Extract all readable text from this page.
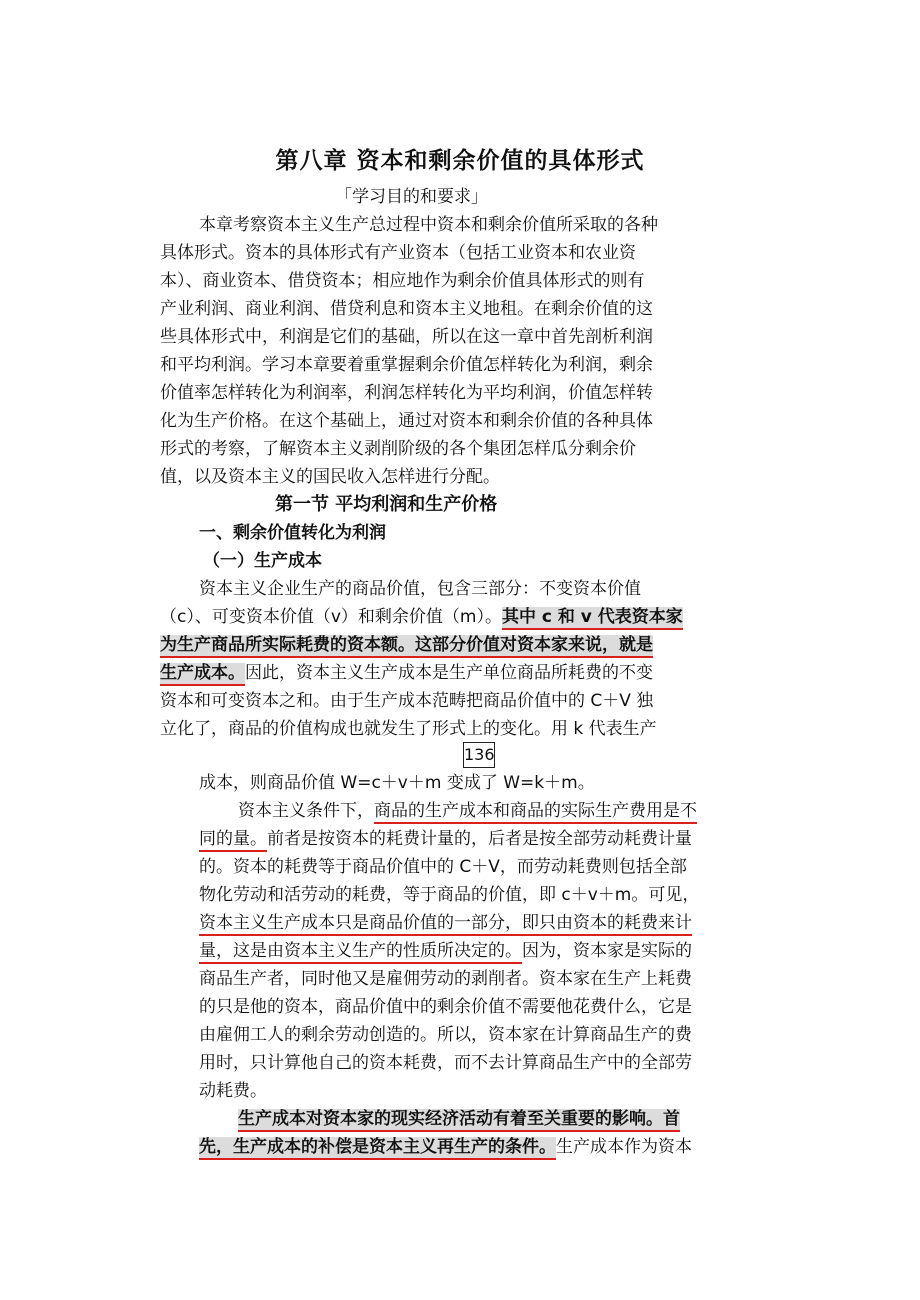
第八章 资本和剩余价值的具体形式
「学习目的和要求」
本章考察资本主义生产总过程中资本和剩余价值所采取的各种
具体形式。资本的具体形式有产业资本（包括工业资本和农业资
本）、商业资本、借贷资本；相应地作为剩余价值具体形式的则有
产业利润、商业利润、借贷利息和资本主义地租。在剩余价值的这
些具体形式中，利润是它们的基础，所以在这一章中首先剖析利润
和平均利润。学习本章要着重掌握剩余价值怎样转化为利润，剩余
价值率怎样转化为利润率，利润怎样转化为平均利润，价值怎样转
化为生产价格。在这个基础上，通过对资本和剩余价值的各种具体
形式的考察，了解资本主义剥削阶级的各个集团怎样瓜分剩余价
值，以及资本主义的国民收入怎样进行分配。
第一节 平均利润和生产价格
一、剩余价值转化为利润
（一）生产成本
资本主义企业生产的商品价值，包含三部分：不变资本价值
（c）、可变资本价值（v）和剩余价值（m）。其中 c 和 v 代表资本家
为生产商品所实际耗费的资本额。这部分价值对资本家来说，就是
生产成本。因此，资本主义生产成本是生产单位商品所耗费的不变
资本和可变资本之和。由于生产成本范畴把商品价值中的 C＋V 独
立化了，商品的价值构成也就发生了形式上的变化。用 k 代表生产
136
成本，则商品价值 W=c＋v＋m 变成了 W=k＋m。
资本主义条件下，商品的生产成本和商品的实际生产费用是不
同的量。前者是按资本的耗费计量的，后者是按全部劳动耗费计量
的。资本的耗费等于商品价值中的 C＋V，而劳动耗费则包括全部
物化劳动和活劳动的耗费，等于商品的价值，即 c＋v＋m。可见，
资本主义生产成本只是商品价值的一部分，即只由资本的耗费来计
量，这是由资本主义生产的性质所决定的。因为，资本家是实际的
商品生产者，同时他又是雇佣劳动的剥削者。资本家在生产上耗费
的只是他的资本，商品价值中的剩余价值不需要他花费什么，它是
由雇佣工人的剩余劳动创造的。所以，资本家在计算商品生产的费
用时，只计算他自己的资本耗费，而不去计算商品生产中的全部劳
动耗费。
生产成本对资本家的现实经济活动有着至关重要的影响。首
先，生产成本的补偿是资本主义再生产的条件。生产成本作为资本
